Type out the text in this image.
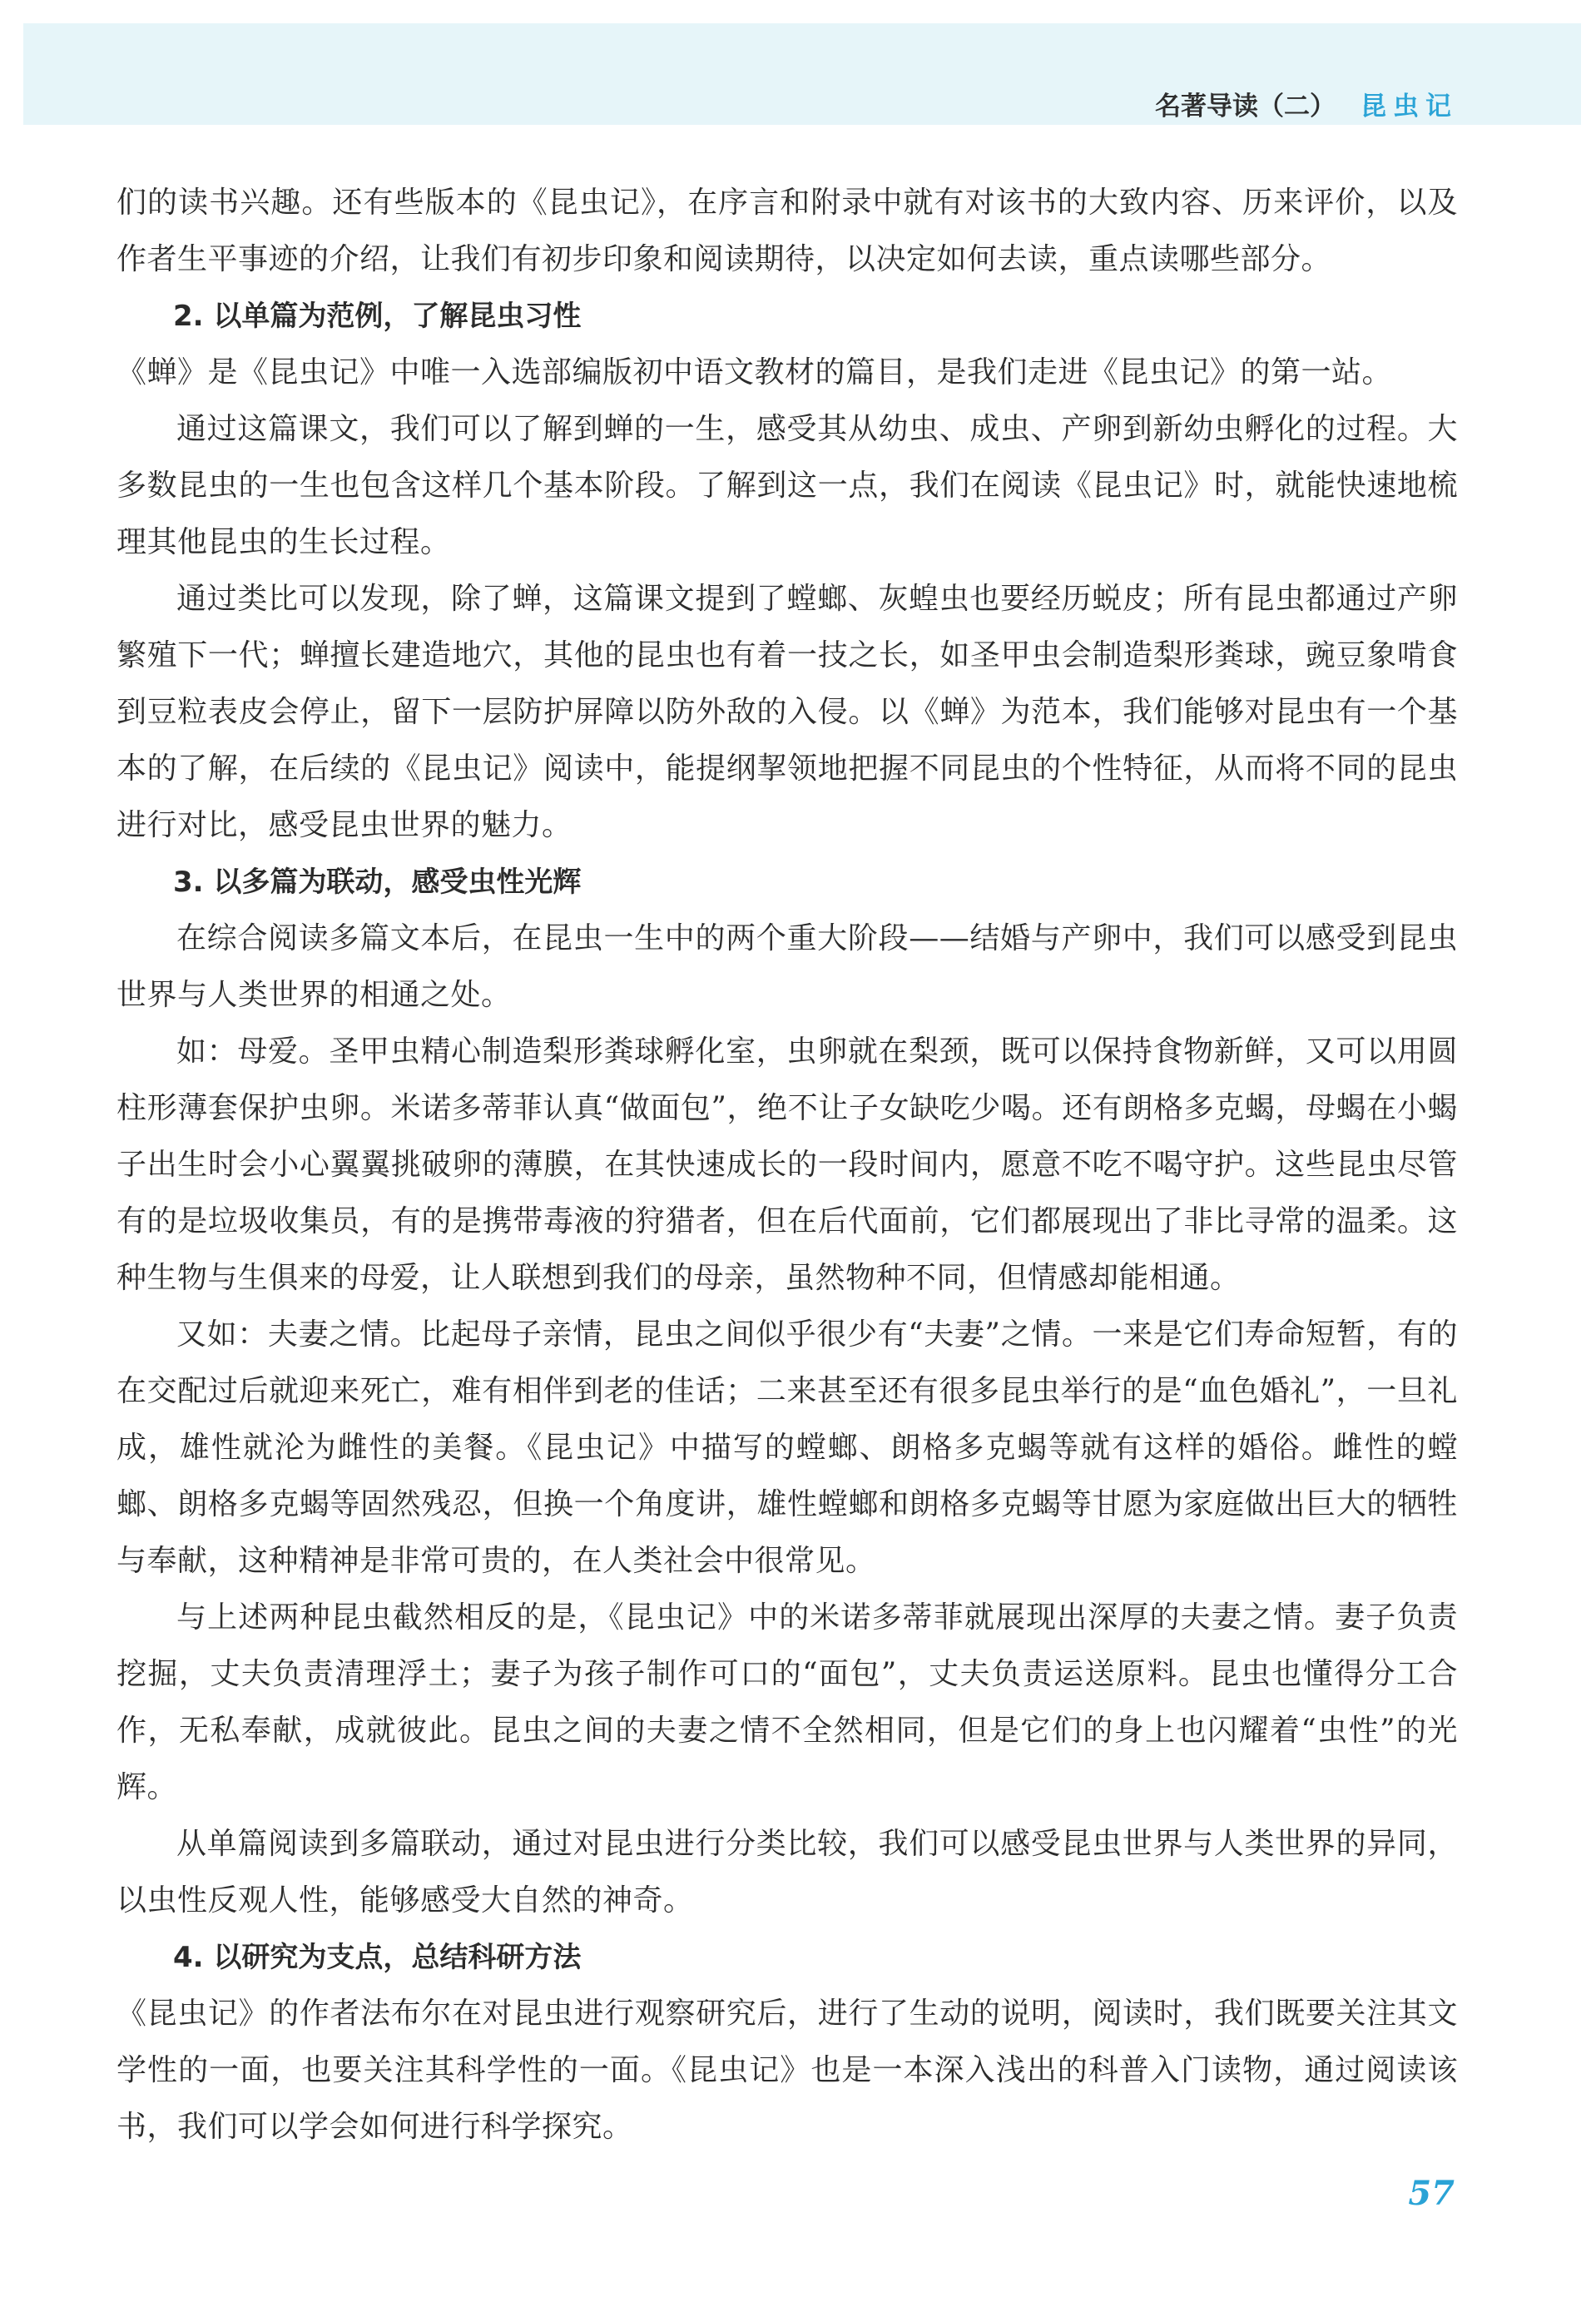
名著导读（二） 昆虫记

们的读书兴趣。还有些版本的《昆虫记》，在序言和附录中就有对该书的大致内容、历来评价，以及作者生平事迹的介绍，让我们有初步印象和阅读期待，以决定如何去读，重点读哪些部分。

2. 以单篇为范例，了解昆虫习性

《蝉》是《昆虫记》中唯一入选部编版初中语文教材的篇目，是我们走进《昆虫记》的第一站。

通过这篇课文，我们可以了解到蝉的一生，感受其从幼虫、成虫、产卵到新幼虫孵化的过程。大多数昆虫的一生也包含这样几个基本阶段。了解到这一点，我们在阅读《昆虫记》时，就能快速地梳理其他昆虫的生长过程。

通过类比可以发现，除了蝉，这篇课文提到了螳螂、灰蝗虫也要经历蜕皮；所有昆虫都通过产卵繁殖下一代；蝉擅长建造地穴，其他的昆虫也有着一技之长，如圣甲虫会制造梨形粪球，豌豆象啃食到豆粒表皮会停止，留下一层防护屏障以防外敌的入侵。以《蝉》为范本，我们能够对昆虫有一个基本的了解，在后续的《昆虫记》阅读中，能提纲挈领地把握不同昆虫的个性特征，从而将不同的昆虫进行对比，感受昆虫世界的魅力。

3. 以多篇为联动，感受虫性光辉

在综合阅读多篇文本后，在昆虫一生中的两个重大阶段——结婚与产卵中，我们可以感受到昆虫世界与人类世界的相通之处。

如：母爱。圣甲虫精心制造梨形粪球孵化室，虫卵就在梨颈，既可以保持食物新鲜，又可以用圆柱形薄套保护虫卵。米诺多蒂菲认真“做面包”，绝不让子女缺吃少喝。还有朗格多克蝎，母蝎在小蝎子出生时会小心翼翼挑破卵的薄膜，在其快速成长的一段时间内，愿意不吃不喝守护。这些昆虫尽管有的是垃圾收集员，有的是携带毒液的狩猎者，但在后代面前，它们都展现出了非比寻常的温柔。这种生物与生俱来的母爱，让人联想到我们的母亲，虽然物种不同，但情感却能相通。

又如：夫妻之情。比起母子亲情，昆虫之间似乎很少有“夫妻”之情。一来是它们寿命短暂，有的在交配过后就迎来死亡，难有相伴到老的佳话；二来甚至还有很多昆虫举行的是“血色婚礼”，一旦礼成，雄性就沦为雌性的美餐。《昆虫记》中描写的螳螂、朗格多克蝎等就有这样的婚俗。雌性的螳螂、朗格多克蝎等固然残忍，但换一个角度讲，雄性螳螂和朗格多克蝎等甘愿为家庭做出巨大的牺牲与奉献，这种精神是非常可贵的，在人类社会中很常见。

与上述两种昆虫截然相反的是，《昆虫记》中的米诺多蒂菲就展现出深厚的夫妻之情。妻子负责挖掘，丈夫负责清理浮土；妻子为孩子制作可口的“面包”，丈夫负责运送原料。昆虫也懂得分工合作，无私奉献，成就彼此。昆虫之间的夫妻之情不全然相同，但是它们的身上也闪耀着“虫性”的光辉。

从单篇阅读到多篇联动，通过对昆虫进行分类比较，我们可以感受昆虫世界与人类世界的异同，以虫性反观人性，能够感受大自然的神奇。

4. 以研究为支点，总结科研方法

《昆虫记》的作者法布尔在对昆虫进行观察研究后，进行了生动的说明，阅读时，我们既要关注其文学性的一面，也要关注其科学性的一面。《昆虫记》也是一本深入浅出的科普入门读物，通过阅读该书，我们可以学会如何进行科学探究。

57
